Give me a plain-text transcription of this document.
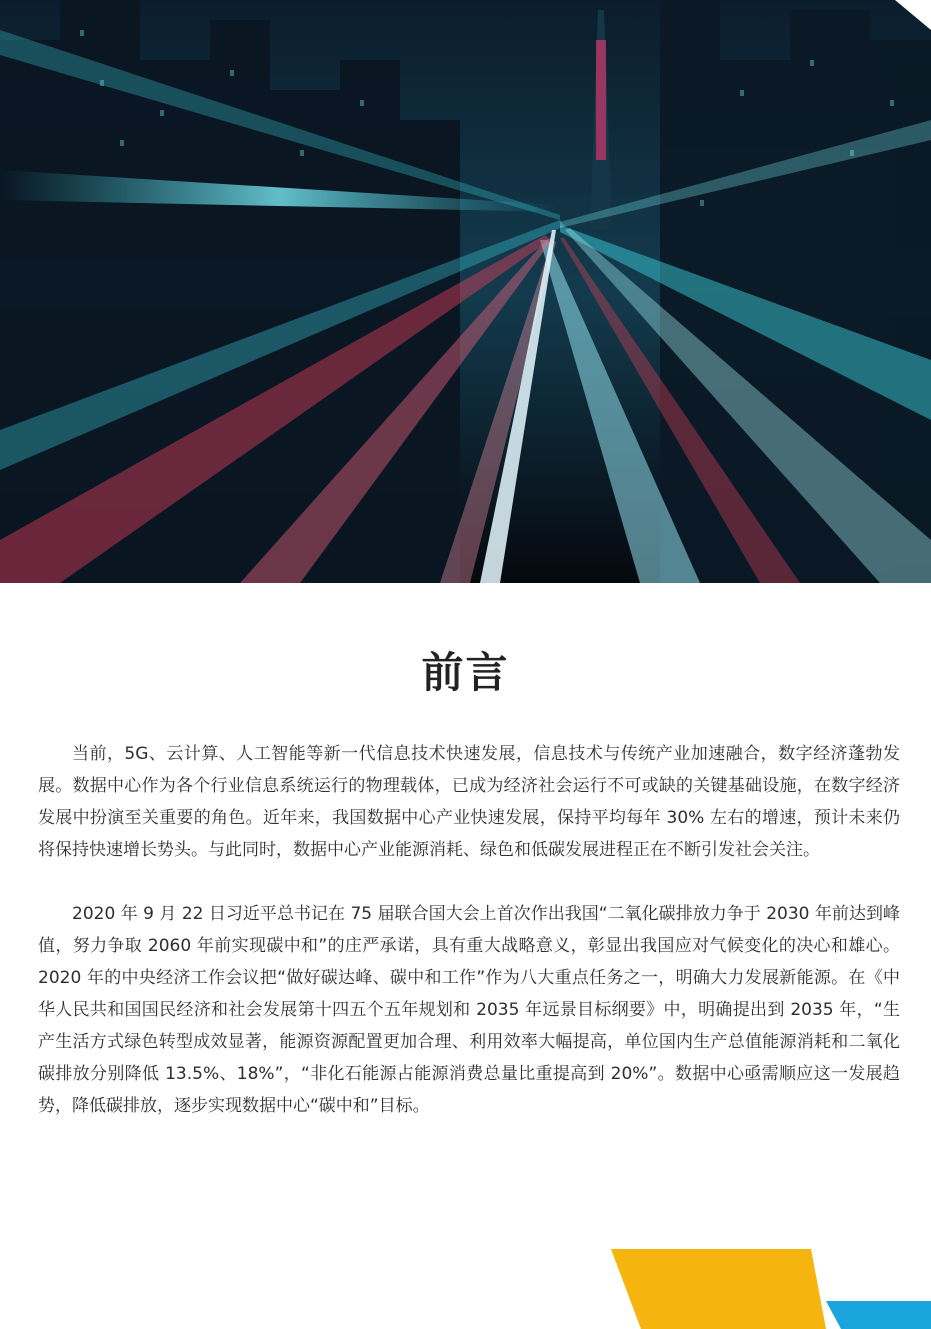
前言

当前，5G、云计算、人工智能等新一代信息技术快速发展，信息技术与传统产业加速融合，数字经济蓬勃发展。数据中心作为各个行业信息系统运行的物理载体，已成为经济社会运行不可或缺的关键基础设施，在数字经济发展中扮演至关重要的角色。近年来，我国数据中心产业快速发展，保持平均每年 30% 左右的增速，预计未来仍将保持快速增长势头。与此同时，数据中心产业能源消耗、绿色和低碳发展进程正在不断引发社会关注。

2020 年 9 月 22 日习近平总书记在 75 届联合国大会上首次作出我国“二氧化碳排放力争于 2030 年前达到峰值，努力争取 2060 年前实现碳中和”的庄严承诺，具有重大战略意义，彰显出我国应对气候变化的决心和雄心。2020 年的中央经济工作会议把“做好碳达峰、碳中和工作”作为八大重点任务之一，明确大力发展新能源。在《中华人民共和国国民经济和社会发展第十四五个五年规划和 2035 年远景目标纲要》中，明确提出到 2035 年，“生产生活方式绿色转型成效显著，能源资源配置更加合理、利用效率大幅提高，单位国内生产总值能源消耗和二氧化碳排放分别降低 13.5%、18%”，“非化石能源占能源消费总量比重提高到 20%”。数据中心亟需顺应这一发展趋势，降低碳排放，逐步实现数据中心“碳中和”目标。
